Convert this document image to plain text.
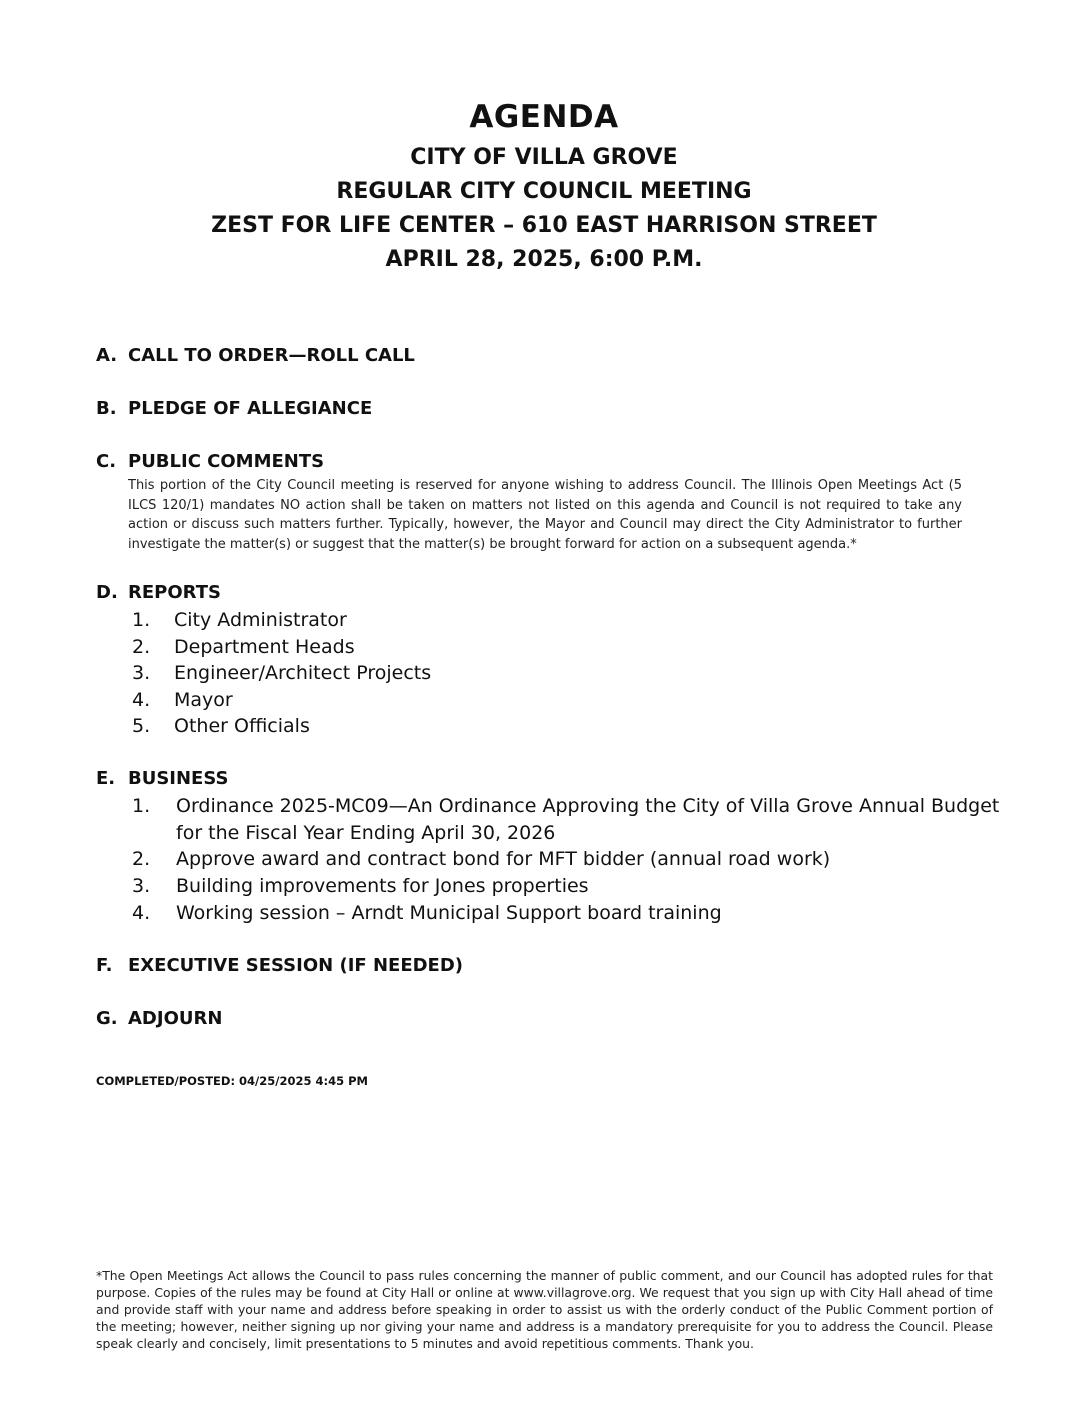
AGENDA
CITY OF VILLA GROVE
REGULAR CITY COUNCIL MEETING
ZEST FOR LIFE CENTER – 610 EAST HARRISON STREET
APRIL 28, 2025, 6:00 P.M.
A. CALL TO ORDER—ROLL CALL
B. PLEDGE OF ALLEGIANCE
C. PUBLIC COMMENTS
This portion of the City Council meeting is reserved for anyone wishing to address Council. The Illinois Open Meetings Act (5 ILCS 120/1) mandates NO action shall be taken on matters not listed on this agenda and Council is not required to take any action or discuss such matters further. Typically, however, the Mayor and Council may direct the City Administrator to further investigate the matter(s) or suggest that the matter(s) be brought forward for action on a subsequent agenda.*
D. REPORTS
1. City Administrator
2. Department Heads
3. Engineer/Architect Projects
4. Mayor
5. Other Officials
E. BUSINESS
1. Ordinance 2025-MC09—An Ordinance Approving the City of Villa Grove Annual Budget for the Fiscal Year Ending April 30, 2026
2. Approve award and contract bond for MFT bidder (annual road work)
3. Building improvements for Jones properties
4. Working session – Arndt Municipal Support board training
F. EXECUTIVE SESSION (IF NEEDED)
G. ADJOURN
COMPLETED/POSTED: 04/25/2025 4:45 PM
*The Open Meetings Act allows the Council to pass rules concerning the manner of public comment, and our Council has adopted rules for that purpose. Copies of the rules may be found at City Hall or online at www.villagrove.org. We request that you sign up with City Hall ahead of time and provide staff with your name and address before speaking in order to assist us with the orderly conduct of the Public Comment portion of the meeting; however, neither signing up nor giving your name and address is a mandatory prerequisite for you to address the Council. Please speak clearly and concisely, limit presentations to 5 minutes and avoid repetitious comments. Thank you.
